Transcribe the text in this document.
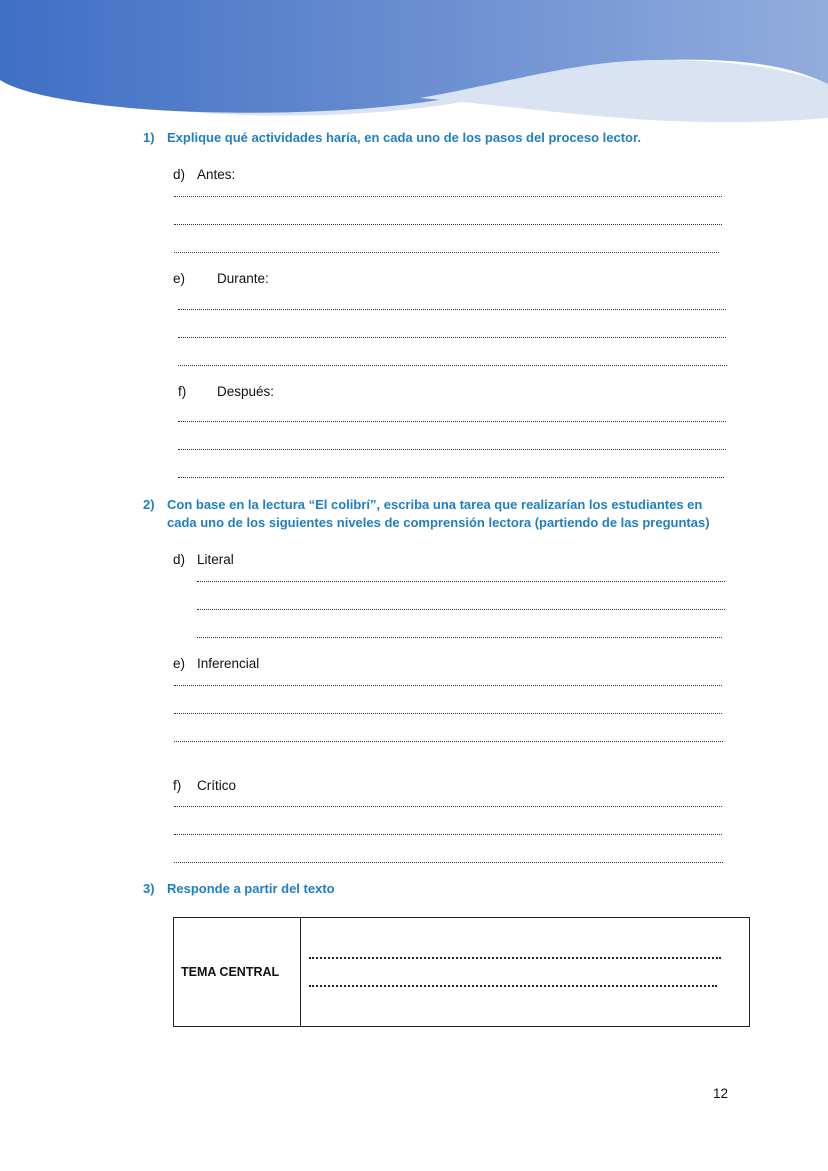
1) Explique qué actividades haría, en cada uno de los pasos del proceso lector.
d) Antes:
e) Durante:
f) Después:
2) Con base en la lectura “El colibrí”, escriba una tarea que realizarían los estudiantes en
cada uno de los siguientes niveles de comprensión lectora (partiendo de las preguntas)
d) Literal
e) Inferencial
f) Crítico
3) Responde a partir del texto
TEMA CENTRAL
12
